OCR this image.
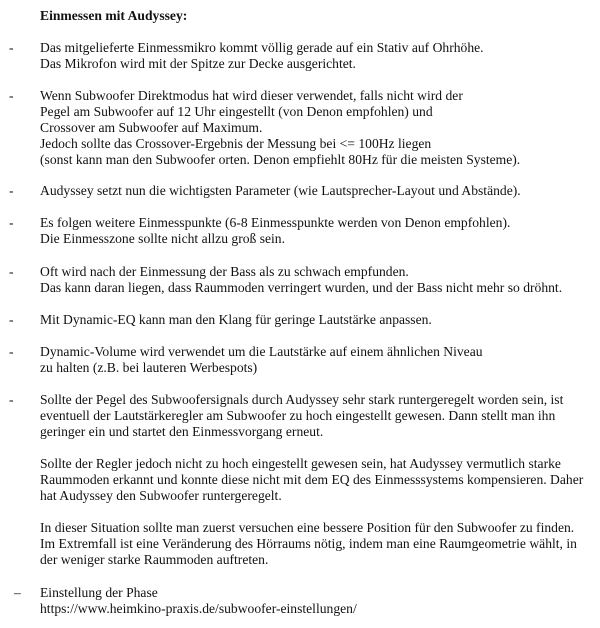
Einmessen mit Audyssey:
- Das mitgelieferte Einmessmikro kommt völlig gerade auf ein Stativ auf Ohrhöhe.
Das Mikrofon wird mit der Spitze zur Decke ausgerichtet.
- Wenn Subwoofer Direktmodus hat wird dieser verwendet, falls nicht wird der
Pegel am Subwoofer auf 12 Uhr eingestellt (von Denon empfohlen) und
Crossover am Subwoofer auf Maximum.
Jedoch sollte das Crossover-Ergebnis der Messung bei <= 100Hz liegen
(sonst kann man den Subwoofer orten. Denon empfiehlt 80Hz für die meisten Systeme).
- Audyssey setzt nun die wichtigsten Parameter (wie Lautsprecher-Layout und Abstände).
- Es folgen weitere Einmesspunkte (6-8 Einmesspunkte werden von Denon empfohlen).
Die Einmesszone sollte nicht allzu groß sein.
- Oft wird nach der Einmessung der Bass als zu schwach empfunden.
Das kann daran liegen, dass Raummoden verringert wurden, und der Bass nicht mehr so dröhnt.
- Mit Dynamic-EQ kann man den Klang für geringe Lautstärke anpassen.
- Dynamic-Volume wird verwendet um die Lautstärke auf einem ähnlichen Niveau
zu halten (z.B. bei lauteren Werbespots)
- Sollte der Pegel des Subwoofersignals durch Audyssey sehr stark runtergeregelt worden sein, ist eventuell der Lautstärkeregler am Subwoofer zu hoch eingestellt gewesen. Dann stellt man ihn geringer ein und startet den Einmessvorgang erneut.
Sollte der Regler jedoch nicht zu hoch eingestellt gewesen sein, hat Audyssey vermutlich starke Raummoden erkannt und konnte diese nicht mit dem EQ des Einmesssystems kompensieren. Daher hat Audyssey den Subwoofer runtergeregelt.
In dieser Situation sollte man zuerst versuchen eine bessere Position für den Subwoofer zu finden. Im Extremfall ist eine Veränderung des Hörraums nötig, indem man eine Raumgeometrie wählt, in der weniger starke Raummoden auftreten.
– Einstellung der Phase
https://www.heimkino-praxis.de/subwoofer-einstellungen/
